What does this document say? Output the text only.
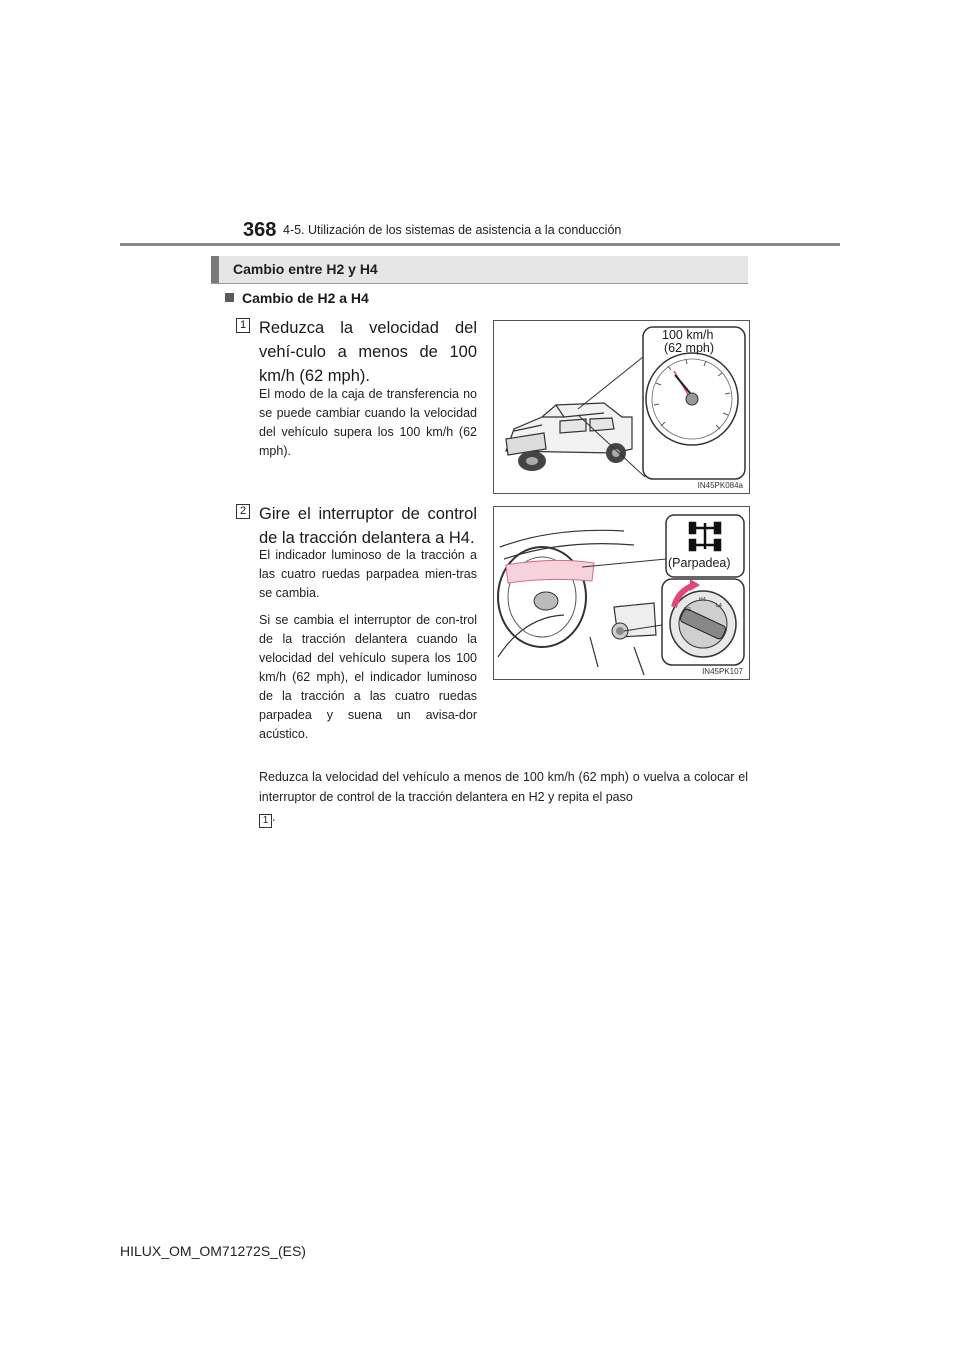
368 4-5. Utilización de los sistemas de asistencia a la conducción
Cambio entre H2 y H4
Cambio de H2 a H4
1 Reduzca la velocidad del vehí-culo a menos de 100 km/h (62 mph).

El modo de la caja de transferencia no se puede cambiar cuando la velocidad del vehículo supera los 100 km/h (62 mph).

100 km/h
(62 mph)
IN45PK084a
2 Gire el interruptor de control de la tracción delantera a H4.

El indicador luminoso de la tracción a las cuatro ruedas parpadea mien-tras se cambia.

Si se cambia el interruptor de con-trol de la tracción delantera cuando la velocidad del vehículo supera los 100 km/h (62 mph), el indicador luminoso de la tracción a las cuatro ruedas parpadea y suena un avisa-dor acústico.

H2
H4
L4
(Parpadea)
IN45PK107
Reduzca la velocidad del vehículo a menos de 100 km/h (62 mph) o vuelva a colocar el interruptor de control de la tracción delantera en H2 y repita el paso
1 .
HILUX_OM_OM71272S_(ES)
